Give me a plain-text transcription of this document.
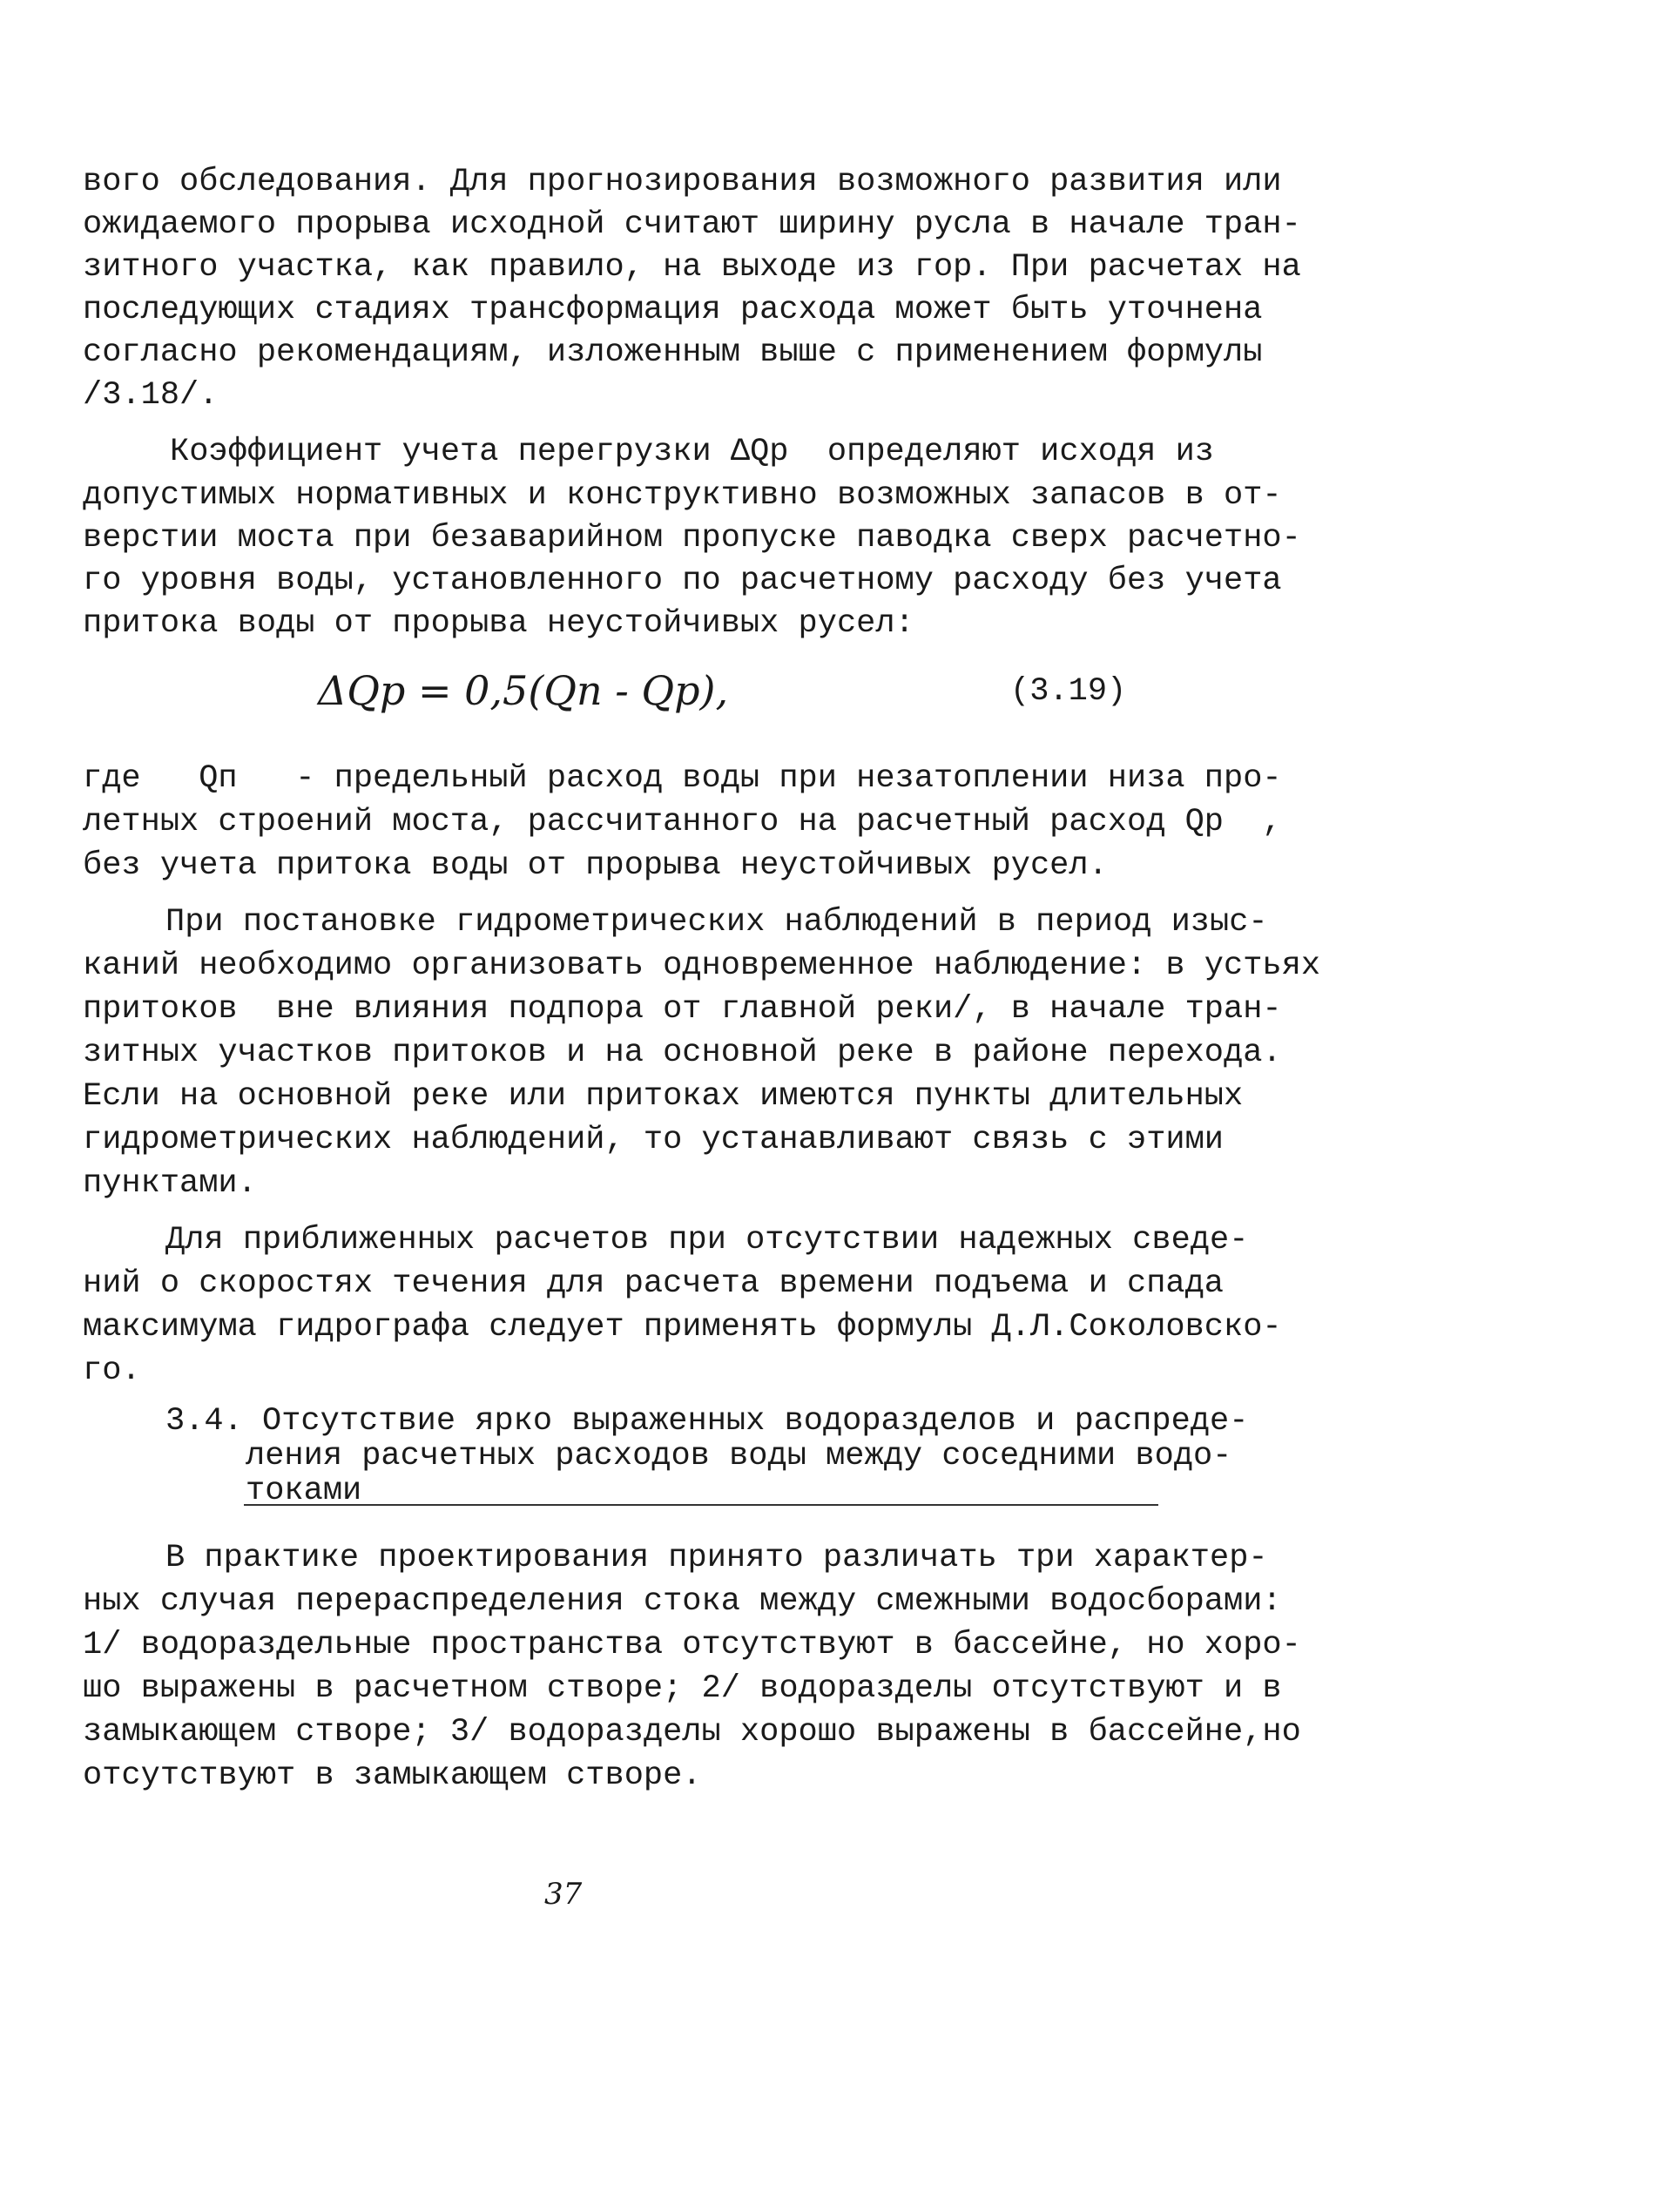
вого обследования. Для прогнозирования возможного развития или
ожидаемого прорыва исходной считают ширину русла в начале тран-
зитного участка, как правило, на выходе из гор. При расчетах на
последующих стадиях трансформация расхода может быть уточнена
согласно рекомендациям, изложенным выше с применением формулы
/3.18/.
Коэффициент учета перегрузки ΔQр  определяют исходя из
допустимых нормативных и конструктивно возможных запасов в от-
верстии моста при безаварийном пропуске паводка сверх расчетно-
го уровня воды, установленного по расчетному расходу без учета
притока воды от прорыва неустойчивых русел:
ΔQр = 0,5(Qп - Qр),	(3.19)
где   Qп   - предельный расход воды при незатоплении низа про-
летных строений моста, рассчитанного на расчетный расход Qр  ,
без учета притока воды от прорыва неустойчивых русел.
При постановке гидрометрических наблюдений в период изыс-
каний необходимо организовать одновременное наблюдение: в устьях
притоков  вне влияния подпора от главной реки/, в начале тран-
зитных участков притоков и на основной реке в районе перехода.
Если на основной реке или притоках имеются пункты длительных
гидрометрических наблюдений, то устанавливают связь с этими
пунктами.
Для приближенных расчетов при отсутствии надежных сведе-
ний о скоростях течения для расчета времени подъема и спада
максимума гидрографа следует применять формулы Д.Л.Соколовско-
го.
3.4. Отсутствие ярко выраженных водоразделов и распреде-
ления расчетных расходов воды между соседними водо-
токами
В практике проектирования принято различать три характер-
ных случая перераспределения стока между смежными водосборами:
1/ водораздельные пространства отсутствуют в бассейне, но хоро-
шо выражены в расчетном створе; 2/ водоразделы отсутствуют и в
замыкающем створе; 3/ водоразделы хорошо выражены в бассейне,но
отсутствуют в замыкающем створе.
37
